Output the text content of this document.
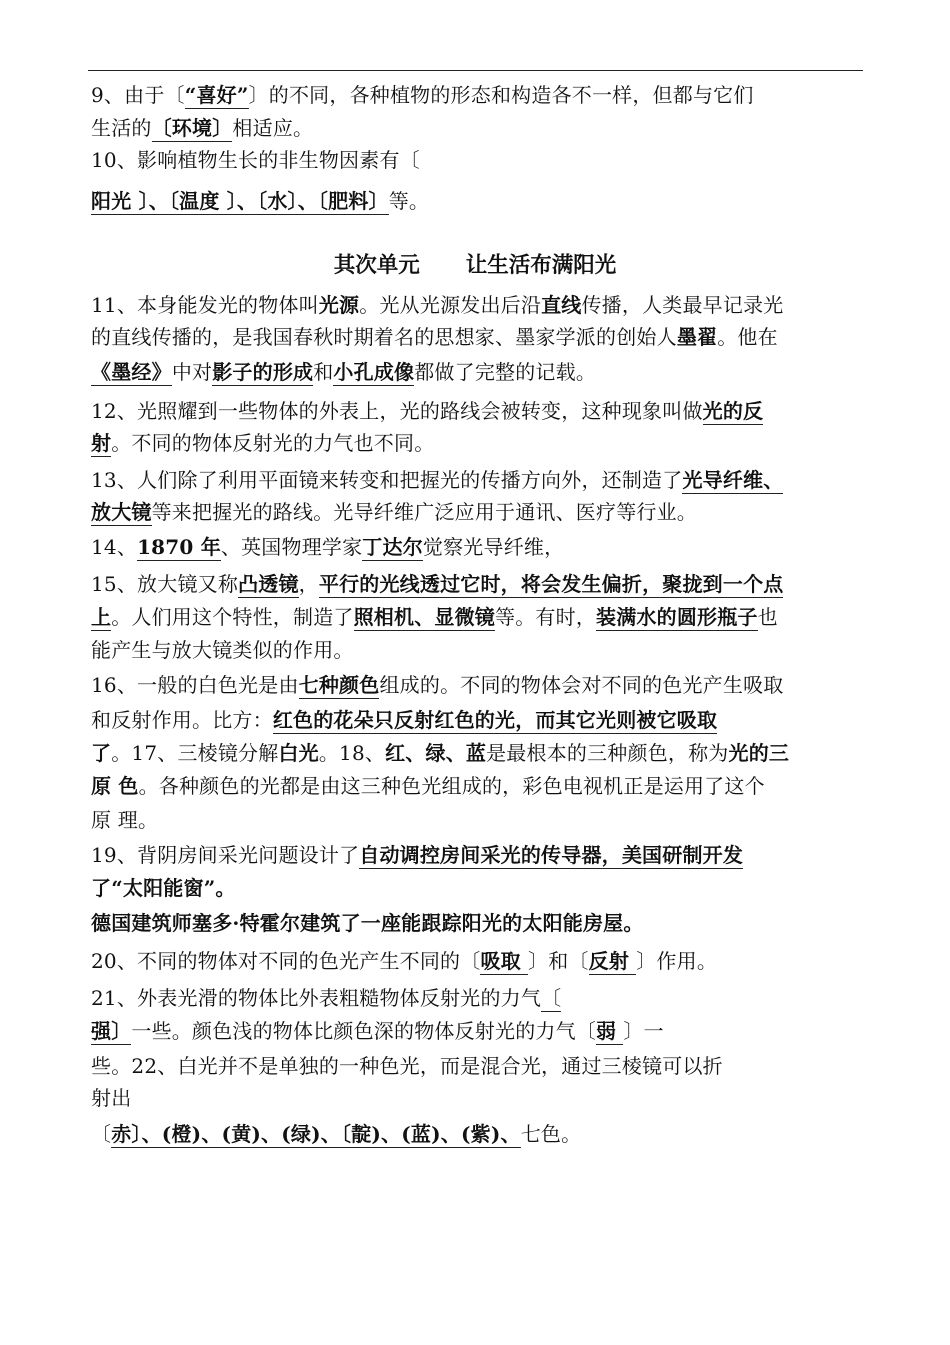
9、由于〔“喜好”〕的不同，各种植物的形态和构造各不一样，但都与它们
生活的〔环境〕相适应。
10、影响植物生长的非生物因素有〔
阳光 〕、〔温度 〕、〔水〕、〔肥料〕等。
其次单元 让生活布满阳光
11、本身能发光的物体叫光源。光从光源发出后沿直线传播，人类最早记录光
的直线传播的，是我国春秋时期着名的思想家、墨家学派的创始人墨翟。他在
《墨经》中对影子的形成和小孔成像都做了完整的记载。
12、光照耀到一些物体的外表上，光的路线会被转变，这种现象叫做光的反
射。不同的物体反射光的力气也不同。
13、人们除了利用平面镜来转变和把握光的传播方向外，还制造了光导纤维、
放大镜等来把握光的路线。光导纤维广泛应用于通讯、医疗等行业。
14、1870 年、英国物理学家丁达尔觉察光导纤维，
15、放大镜又称凸透镜，平行的光线透过它时，将会发生偏折，聚拢到一个点
上。人们用这个特性，制造了照相机、显微镜等。有时，装满水的圆形瓶子也
能产生与放大镜类似的作用。
16、一般的白色光是由七种颜色组成的。不同的物体会对不同的色光产生吸取
和反射作用。比方：红色的花朵只反射红色的光，而其它光则被它吸取
了。17、三棱镜分解白光。18、红、绿、蓝是最根本的三种颜色，称为光的三
原 色。各种颜色的光都是由这三种色光组成的，彩色电视机正是运用了这个
原 理。
19、背阴房间采光问题设计了自动调控房间采光的传导器，美国研制开发
了“太阳能窗”。
德国建筑师塞多·特霍尔建筑了一座能跟踪阳光的太阳能房屋。
20、不同的物体对不同的色光产生不同的〔吸取 〕和〔反射 〕作用。
21、外表光滑的物体比外表粗糙物体反射光的力气〔
强〕一些。颜色浅的物体比颜色深的物体反射光的力气〔弱 〕一
些。22、白光并不是单独的一种色光，而是混合光，通过三棱镜可以折
射出
〔赤〕、(橙)、(黄)、(绿)、〔靛)、(蓝)、(紫)、七色。
